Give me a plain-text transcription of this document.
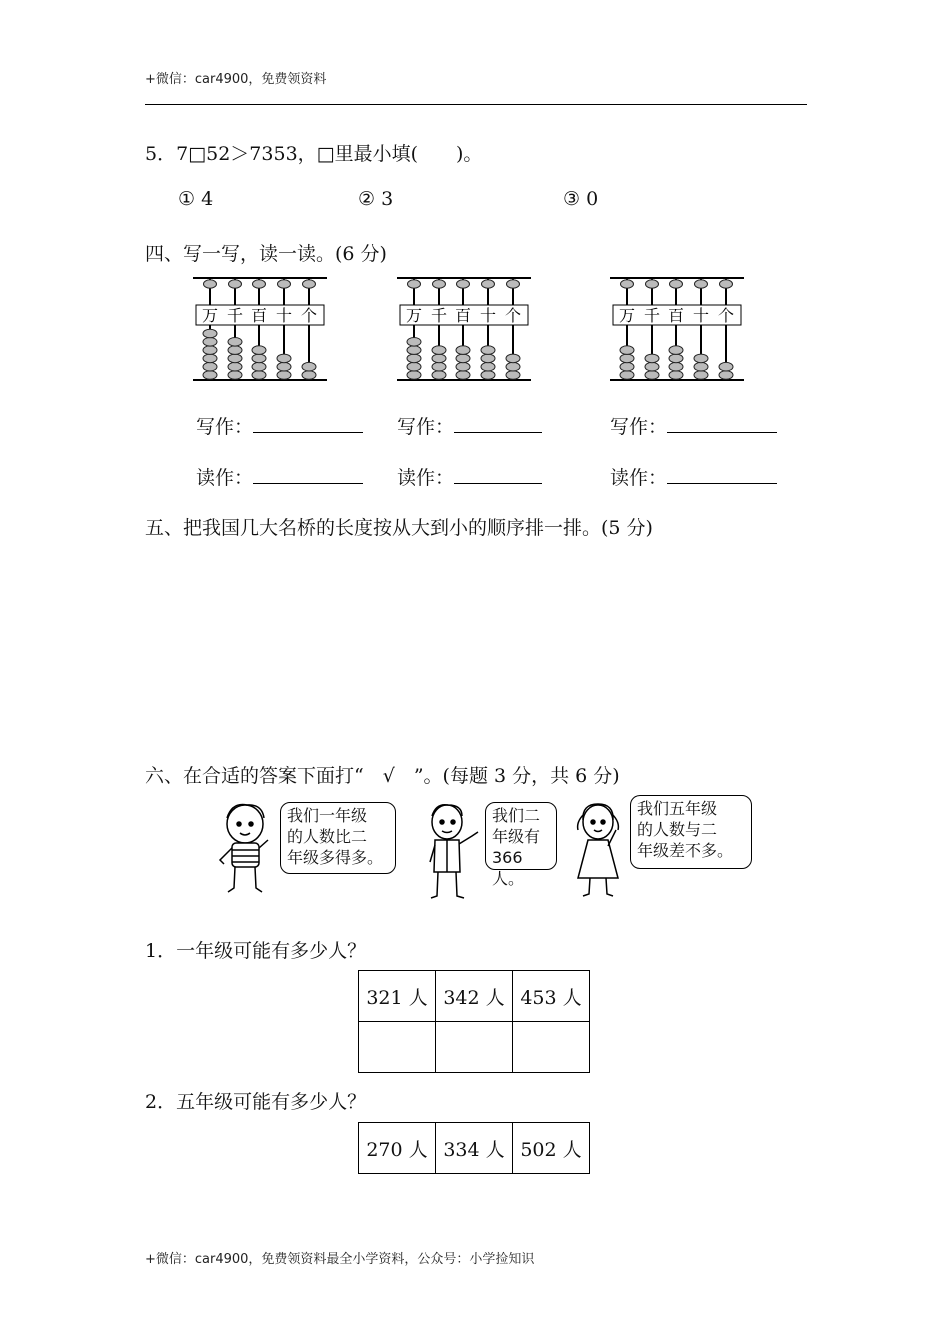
+微信：car4900，免费领资料
5．7□52＞7353，□里最小填(　　)。
① 4	② 3	③ 0
四、写一写，读一读。(6 分)
万 千 百 十 个	万 千 百 十 个	万 千 百 十 个
写作：	写作：	写作：
读作：	读作：	读作：
五、把我国几大名桥的长度按从大到小的顺序排一排。(5 分)
六、在合适的答案下面打“　√　”。(每题 3 分，共 6 分)
我们一年级
的人数比二
年级多得多。
我们二
年级有
366人。
我们五年级
的人数与二
年级差不多。
1．一年级可能有多少人？
321 人	342 人	453 人

2．五年级可能有多少人？
270 人	334 人	502 人
+微信：car4900，免费领资料最全小学资料，公众号：小学捡知识
